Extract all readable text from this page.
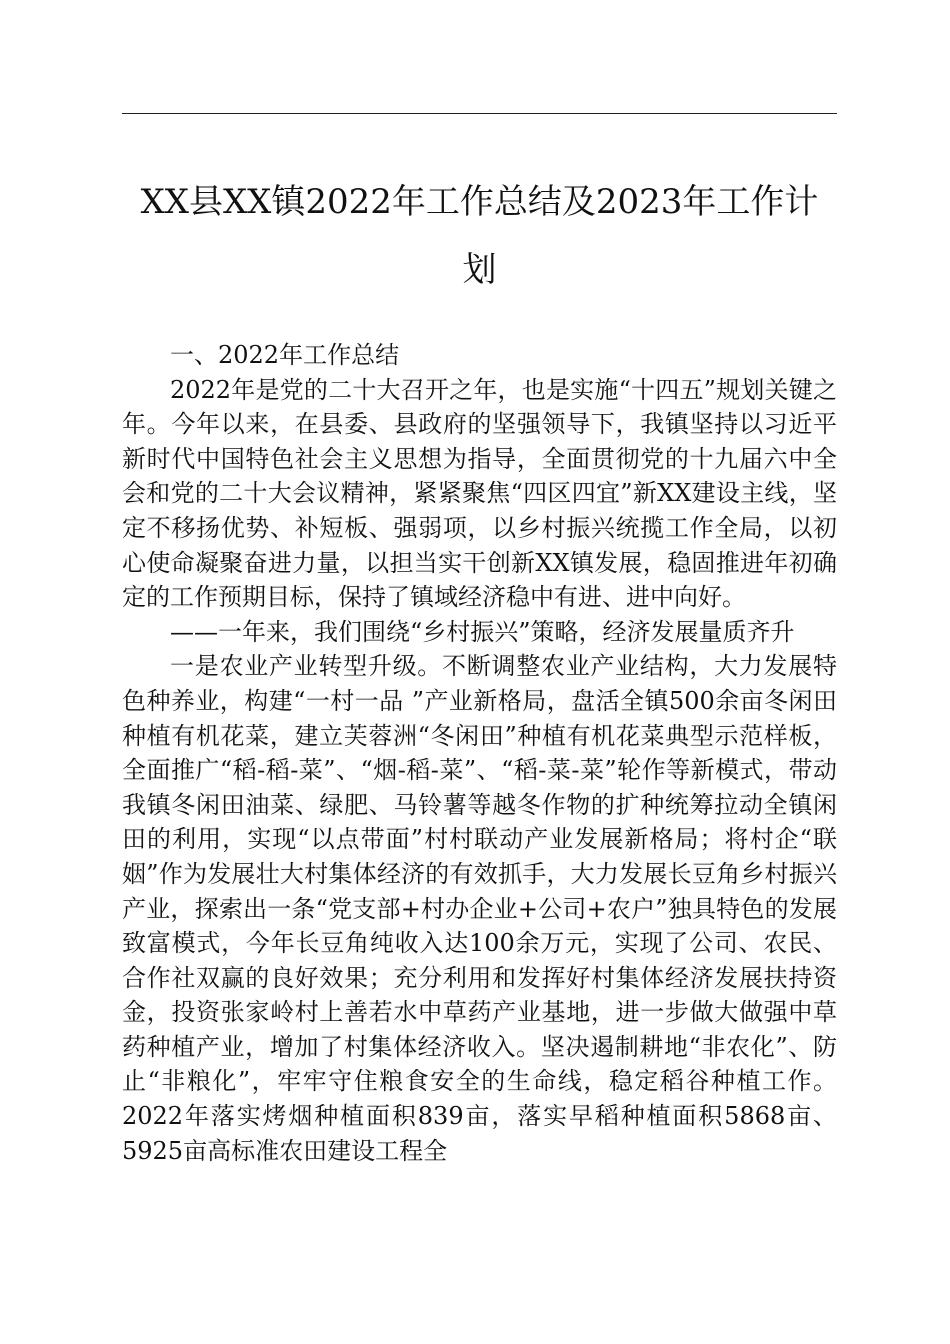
XX县XX镇2022年工作总结及2023年工作计
划

一、2022年工作总结

2022年是党的二十大召开之年，也是实施“十四五”规划关键之年。今年以来，在县委、县政府的坚强领导下，我镇坚持以习近平新时代中国特色社会主义思想为指导，全面贯彻党的十九届六中全会和党的二十大会议精神，紧紧聚焦“四区四宜”新XX建设主线，坚定不移扬优势、补短板、强弱项，以乡村振兴统揽工作全局，以初心使命凝聚奋进力量，以担当实干创新XX镇发展，稳固推进年初确定的工作预期目标，保持了镇域经济稳中有进、进中向好。

——一年来，我们围绕“乡村振兴”策略，经济发展量质齐升

一是农业产业转型升级。不断调整农业产业结构，大力发展特色种养业，构建“一村一品 ”产业新格局，盘活全镇500余亩冬闲田种植有机花菜，建立芙蓉洲“冬闲田”种植有机花菜典型示范样板，全面推广“稻-稻-菜”、“烟-稻-菜”、“稻-菜-菜”轮作等新模式，带动我镇冬闲田油菜、绿肥、马铃薯等越冬作物的扩种统筹拉动全镇闲田的利用，实现“以点带面”村村联动产业发展新格局；将村企“联姻”作为发展壮大村集体经济的有效抓手，大力发展长豆角乡村振兴产业，探索出一条“党支部+村办企业+公司+农户”独具特色的发展致富模式，今年长豆角纯收入达100余万元，实现了公司、农民、合作社双赢的良好效果；充分利用和发挥好村集体经济发展扶持资金，投资张家岭村上善若水中草药产业基地，进一步做大做强中草药种植产业，增加了村集体经济收入。坚决遏制耕地“非农化”、防止“非粮化”，牢牢守住粮食安全的生命线，稳定稻谷种植工作。2022年落实烤烟种植面积839亩，落实早稻种植面积5868亩、5925亩高标准农田建设工程全
